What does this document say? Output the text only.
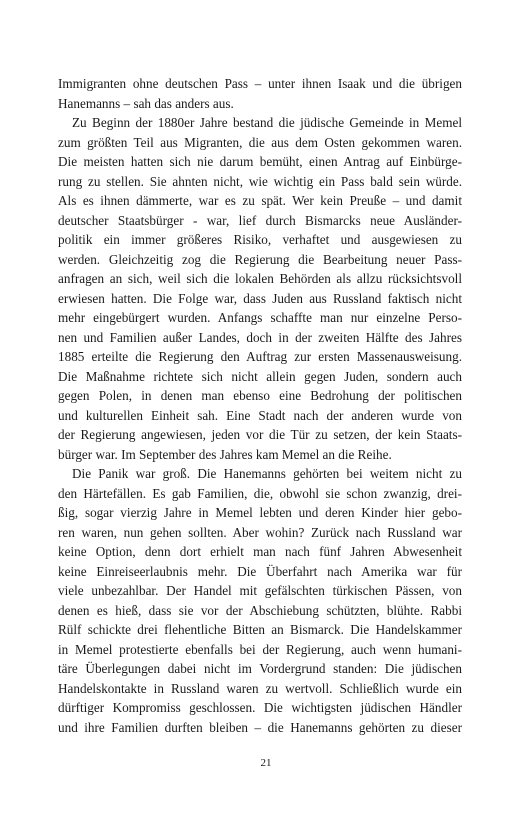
Immigranten ohne deutschen Pass – unter ihnen Isaak und die übrigen
Hanemanns – sah das anders aus.
Zu Beginn der 1880er Jahre bestand die jüdische Gemeinde in Memel
zum größten Teil aus Migranten, die aus dem Osten gekommen waren.
Die meisten hatten sich nie darum bemüht, einen Antrag auf Einbürge-
rung zu stellen. Sie ahnten nicht, wie wichtig ein Pass bald sein würde.
Als es ihnen dämmerte, war es zu spät. Wer kein Preuße – und damit
deutscher Staatsbürger - war, lief durch Bismarcks neue Ausländer-
politik ein immer größeres Risiko, verhaftet und ausgewiesen zu
werden. Gleichzeitig zog die Regierung die Bearbeitung neuer Pass-
anfragen an sich, weil sich die lokalen Behörden als allzu rücksichtsvoll
erwiesen hatten. Die Folge war, dass Juden aus Russland faktisch nicht
mehr eingebürgert wurden. Anfangs schaffte man nur einzelne Perso-
nen und Familien außer Landes, doch in der zweiten Hälfte des Jahres
1885 erteilte die Regierung den Auftrag zur ersten Massenausweisung.
Die Maßnahme richtete sich nicht allein gegen Juden, sondern auch
gegen Polen, in denen man ebenso eine Bedrohung der politischen
und kulturellen Einheit sah. Eine Stadt nach der anderen wurde von
der Regierung angewiesen, jeden vor die Tür zu setzen, der kein Staats-
bürger war. Im September des Jahres kam Memel an die Reihe.
Die Panik war groß. Die Hanemanns gehörten bei weitem nicht zu
den Härtefällen. Es gab Familien, die, obwohl sie schon zwanzig, drei-
ßig, sogar vierzig Jahre in Memel lebten und deren Kinder hier gebo-
ren waren, nun gehen sollten. Aber wohin? Zurück nach Russland war
keine Option, denn dort erhielt man nach fünf Jahren Abwesenheit
keine Einreiseerlaubnis mehr. Die Überfahrt nach Amerika war für
viele unbezahlbar. Der Handel mit gefälschten türkischen Pässen, von
denen es hieß, dass sie vor der Abschiebung schützten, blühte. Rabbi
Rülf schickte drei flehentliche Bitten an Bismarck. Die Handelskammer
in Memel protestierte ebenfalls bei der Regierung, auch wenn humani-
täre Überlegungen dabei nicht im Vordergrund standen: Die jüdischen
Handelskontakte in Russland waren zu wertvoll. Schließlich wurde ein
dürftiger Kompromiss geschlossen. Die wichtigsten jüdischen Händler
und ihre Familien durften bleiben – die Hanemanns gehörten zu dieser
21
